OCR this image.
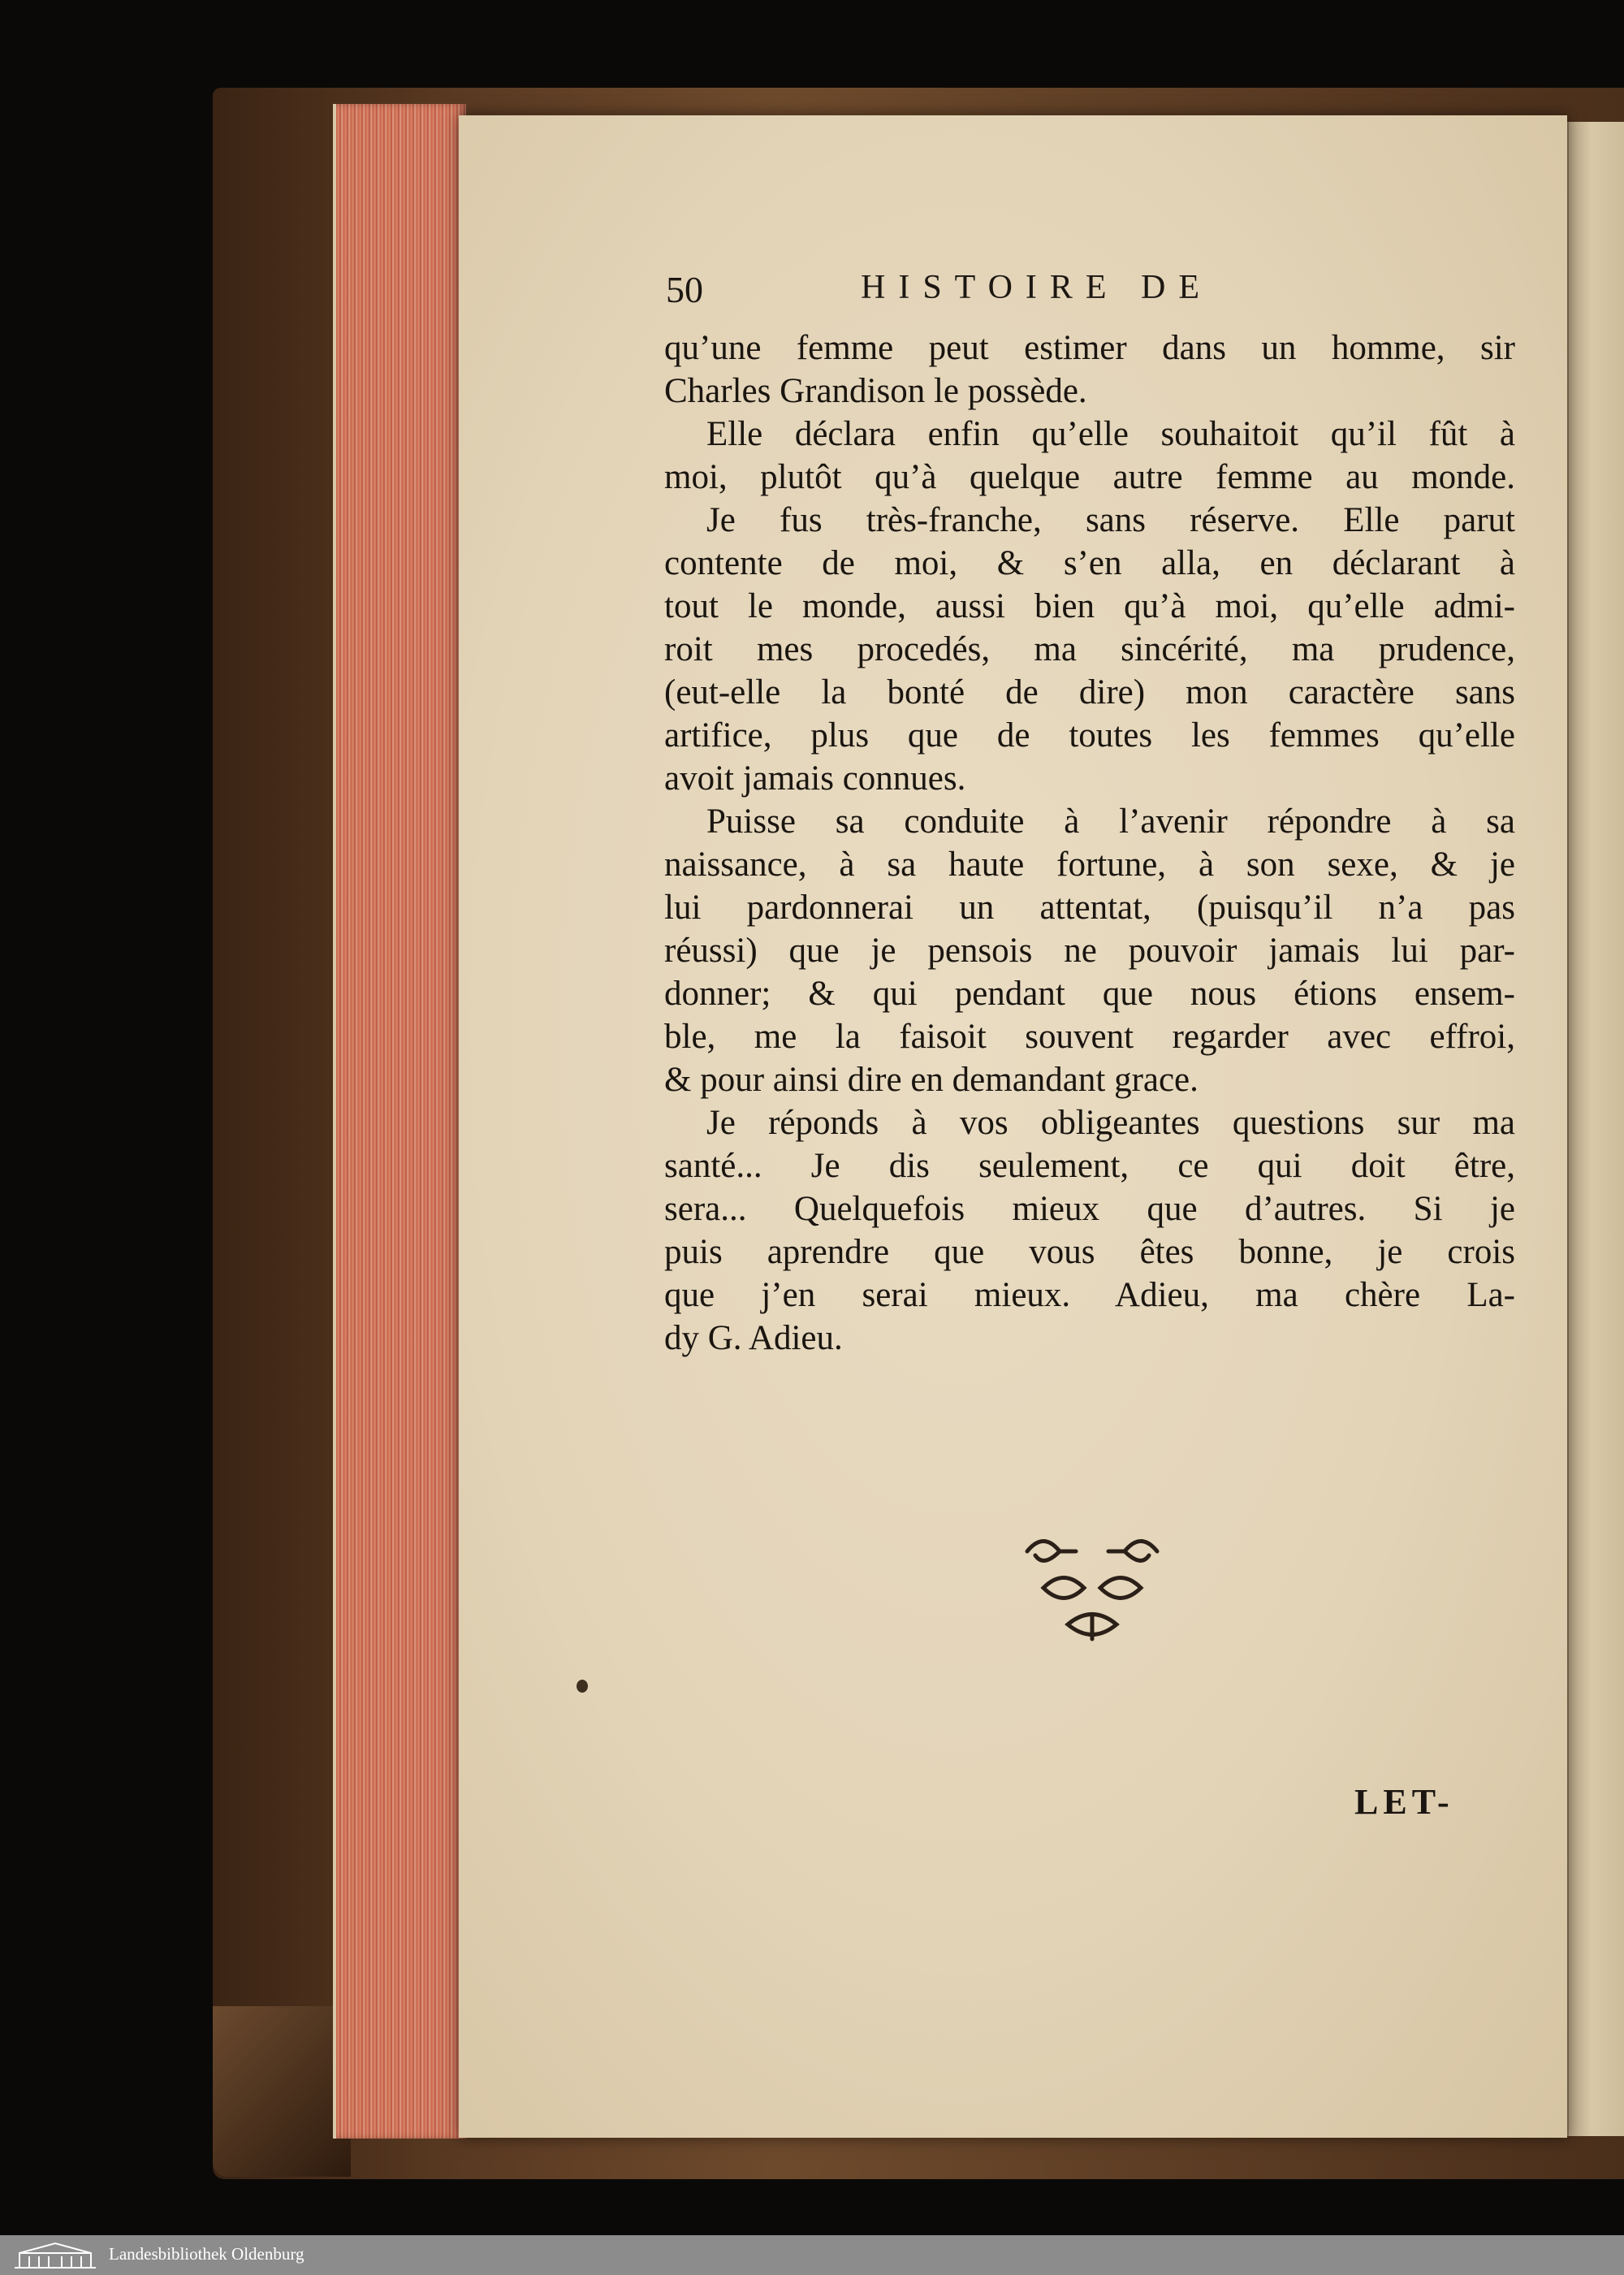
50	HISTOIRE DE
qu’une femme peut estimer dans un homme, sir
Charles Grandison le possède.
Elle déclara enfin qu’elle souhaitoit qu’il fût à
moi, plutôt qu’à quelque autre femme au monde.
Je fus très-franche, sans réserve. Elle parut
contente de moi, & s’en alla, en déclarant à
tout le monde, aussi bien qu’à moi, qu’elle admi-
roit mes procedés, ma sincérité, ma prudence,
(eut-elle la bonté de dire) mon caractère sans
artifice, plus que de toutes les femmes qu’elle
avoit jamais connues.
Puisse sa conduite à l’avenir répondre à sa
naissance, à sa haute fortune, à son sexe, & je
lui pardonnerai un attentat, (puisqu’il n’a pas
réussi) que je pensois ne pouvoir jamais lui par-
donner; & qui pendant que nous étions ensem-
ble, me la faisoit souvent regarder avec effroi,
& pour ainsi dire en demandant grace.
Je réponds à vos obligeantes questions sur ma
santé... Je dis seulement, ce qui doit être,
sera... Quelquefois mieux que d’autres. Si je
puis aprendre que vous êtes bonne, je crois
que j’en serai mieux. Adieu, ma chère La-
dy G. Adieu.
LET-
Landesbibliothek Oldenburg
